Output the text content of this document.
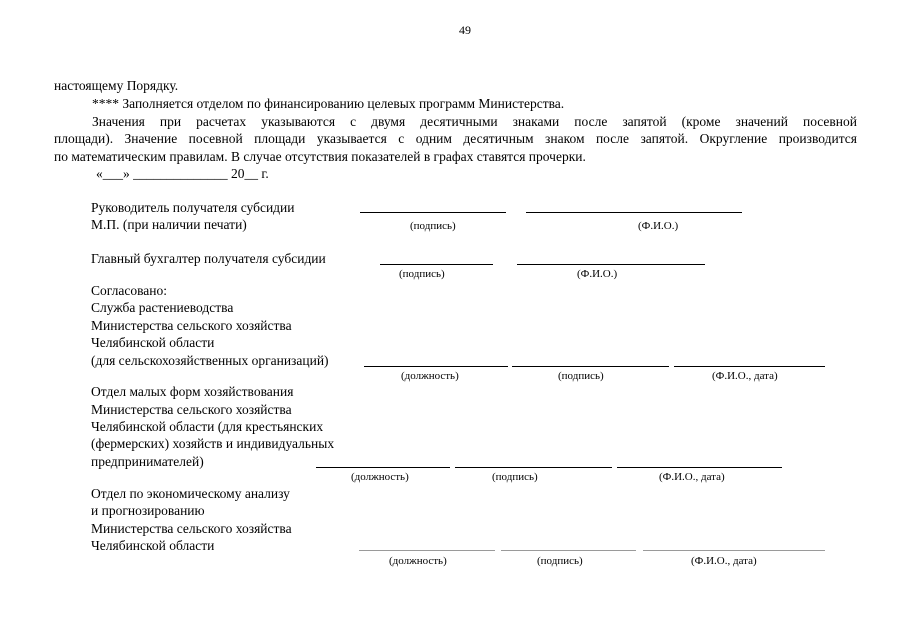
49
настоящему Порядку.
**** Заполняется отделом по финансированию целевых программ Министерства.
Значения при расчетах указываются с двумя десятичными знаками после запятой (кроме значений посевной
площади). Значение посевной площади указывается с одним десятичным знаком после запятой. Округление производится
по математическим правилам. В случае отсутствия показателей в графах ставятся прочерки.
«___» ______________ 20__ г.
Руководитель получателя субсидии
М.П. (при наличии печати)	(подпись)	(Ф.И.О.)
Главный бухгалтер получателя субсидии
(подпись)	(Ф.И.О.)
Согласовано:
Служба растениеводства
Министерства сельского хозяйства
Челябинской области
(для сельскохозяйственных организаций)
(должность)	(подпись)	(Ф.И.О., дата)
Отдел малых форм хозяйствования
Министерства сельского хозяйства
Челябинской области (для крестьянских
(фермерских) хозяйств и индивидуальных
предпринимателей)
(должность)	(подпись)	(Ф.И.О., дата)
Отдел по экономическому анализу
и прогнозированию
Министерства сельского хозяйства
Челябинской области
(должность)	(подпись)	(Ф.И.О., дата)
